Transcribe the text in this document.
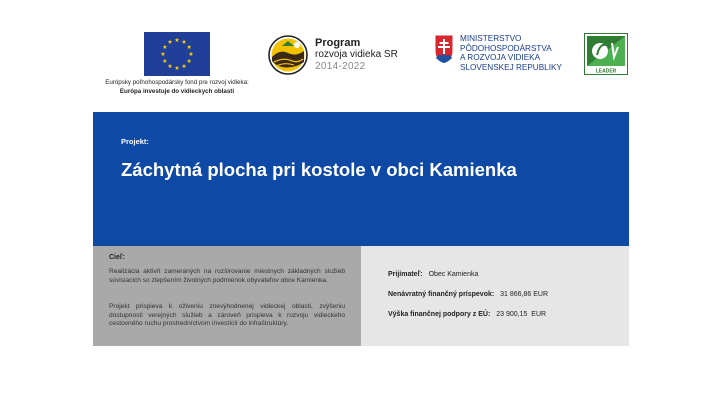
Európsky poľnohospodársky fond pre rozvoj vidieka:
Európa investuje do vidieckych oblastí
Program
rozvoja vidieka SR
2014-2022
MINISTERSTVO
PÔDOHOSPODÁRSTVA
A ROZVOJA VIDIEKA
SLOVENSKEJ REPUBLIKY	LEADER
Projekt:
Záchytná plocha pri kostole v obci Kamienka
Cieľ:
Realizácia aktivít zameraných na rozširovanie miestnych základných služieb súvisiacich so zlepšením životných podmienok obyvateľov obce Kamienka.
Projekt prispieva k oživeniu znevýhodnenej vidieckej oblasti, zvýšeniu dostupnosti verejných služieb a zároveň prispieva k rozvoju vidieckeho cestovného ruchu prostredníctvom investícií do infraštruktúry.
Prijímateľ: Obec Kamienka
Nenávratný finančný príspevok: 31 866,86 EUR
Výška finančnej podpory z EÚ: 23 900,15  EUR
